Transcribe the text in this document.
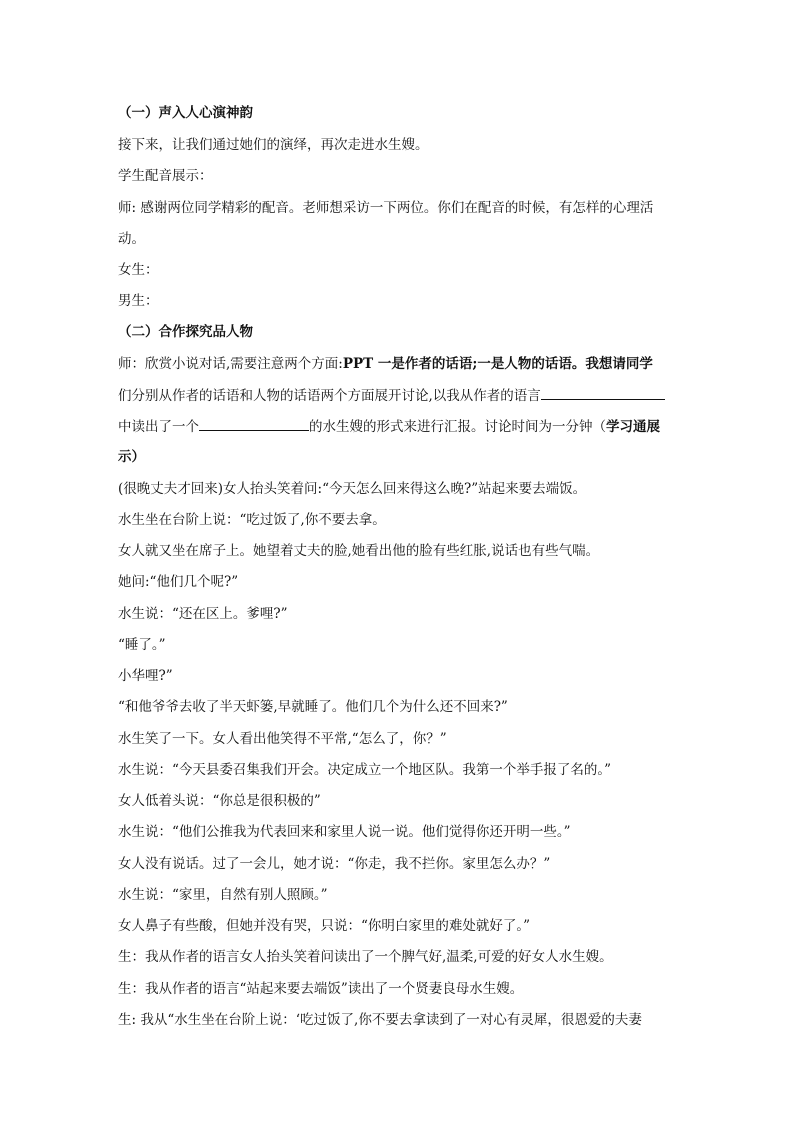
（一）声入人心演神韵
接下来，让我们通过她们的演绎，再次走进水生嫂。
学生配音展示：
师: 感谢两位同学精彩的配音。老师想采访一下两位。你们在配音的时候，有怎样的心理活
动。
女生：
男生：
（二）合作探究品人物
师：欣赏小说对话,需要注意两个方面:PPT 一是作者的话语;一是人物的话语。我想请同学
们分别从作者的话语和人物的话语两个方面展开讨论,以我从作者的语言
中读出了一个	的水生嫂的形式来进行汇报。讨论时间为一分钟（学习通展
示）
(很晚丈夫才回来)女人抬头笑着问:“今天怎么回来得这么晚?”站起来要去端饭。
水生坐在台阶上说：“吃过饭了,你不要去拿。
女人就又坐在席子上。她望着丈夫的脸,她看出他的脸有些红胀,说话也有些气喘。
她问:“他们几个呢?”
水生说：“还在区上。爹哩?”
“睡了。”
小华哩?”
“和他爷爷去收了半天虾篓,早就睡了。他们几个为什么还不回来?”
水生笑了一下。女人看出他笑得不平常,“怎么了，你？”
水生说：“今天县委召集我们开会。决定成立一个地区队。我第一个举手报了名的。”
女人低着头说：“你总是很积极的”
水生说：“他们公推我为代表回来和家里人说一说。他们觉得你还开明一些。”
女人没有说话。过了一会儿，她才说：“你走，我不拦你。家里怎么办？”
水生说：“家里，自然有别人照顾。”
女人鼻子有些酸，但她并没有哭，只说：“你明白家里的难处就好了。”
生：我从作者的语言女人抬头笑着问读出了一个脾气好,温柔,可爱的好女人水生嫂。
生：我从作者的语言“站起来要去端饭”读出了一个贤妻良母水生嫂。
生: 我从“水生坐在台阶上说：‘吃过饭了,你不要去拿读到了一对心有灵犀，很恩爱的夫妻
